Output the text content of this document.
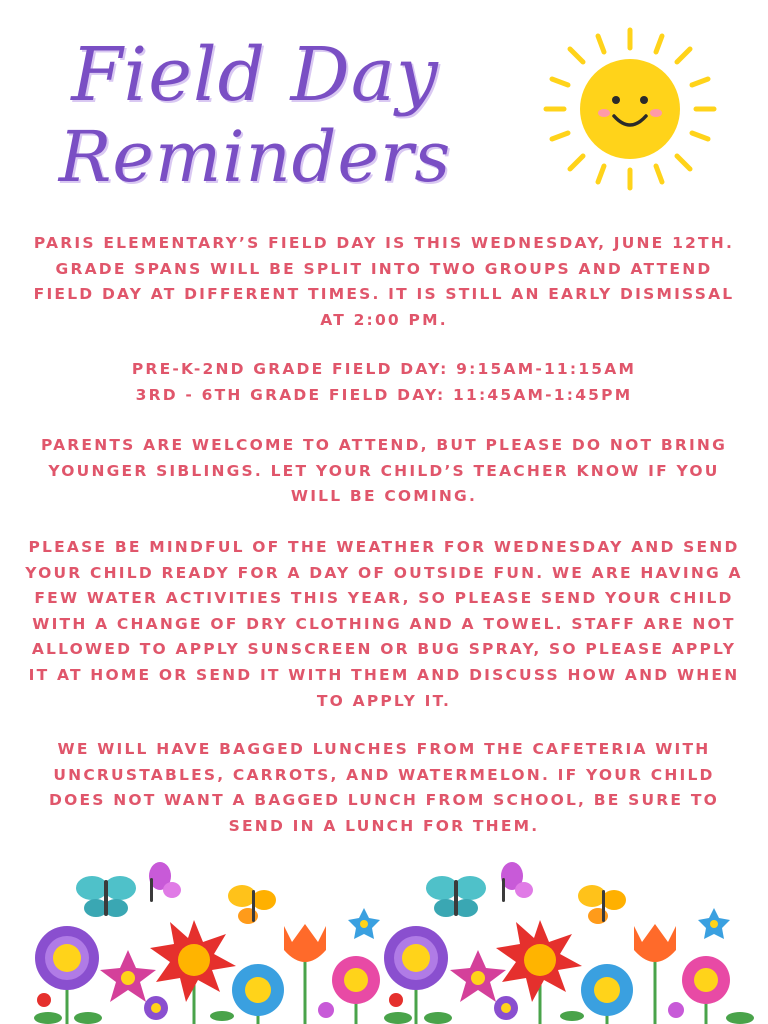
Field Day
Reminders

PARIS ELEMENTARY’S FIELD DAY IS THIS WEDNESDAY, JUNE 12TH.
GRADE SPANS WILL BE SPLIT INTO TWO GROUPS AND ATTEND
FIELD DAY AT DIFFERENT TIMES. IT IS STILL AN EARLY DISMISSAL
AT 2:00 PM.

PRE-K-2ND GRADE FIELD DAY: 9:15AM-11:15AM
3RD - 6TH GRADE FIELD DAY: 11:45AM-1:45PM

PARENTS ARE WELCOME TO ATTEND, BUT PLEASE DO NOT BRING
YOUNGER SIBLINGS. LET YOUR CHILD’S TEACHER KNOW IF YOU
WILL BE COMING.

PLEASE BE MINDFUL OF THE WEATHER FOR WEDNESDAY AND SEND
YOUR CHILD READY FOR A DAY OF OUTSIDE FUN. WE ARE HAVING A
FEW WATER ACTIVITIES THIS YEAR, SO PLEASE SEND YOUR CHILD
WITH A CHANGE OF DRY CLOTHING AND A TOWEL. STAFF ARE NOT
ALLOWED TO APPLY SUNSCREEN OR BUG SPRAY, SO PLEASE APPLY
IT AT HOME OR SEND IT WITH THEM AND DISCUSS HOW AND WHEN
TO APPLY IT.

WE WILL HAVE BAGGED LUNCHES FROM THE CAFETERIA WITH
UNCRUSTABLES, CARROTS, AND WATERMELON. IF YOUR CHILD
DOES NOT WANT A BAGGED LUNCH FROM SCHOOL, BE SURE TO
SEND IN A LUNCH FOR THEM.
